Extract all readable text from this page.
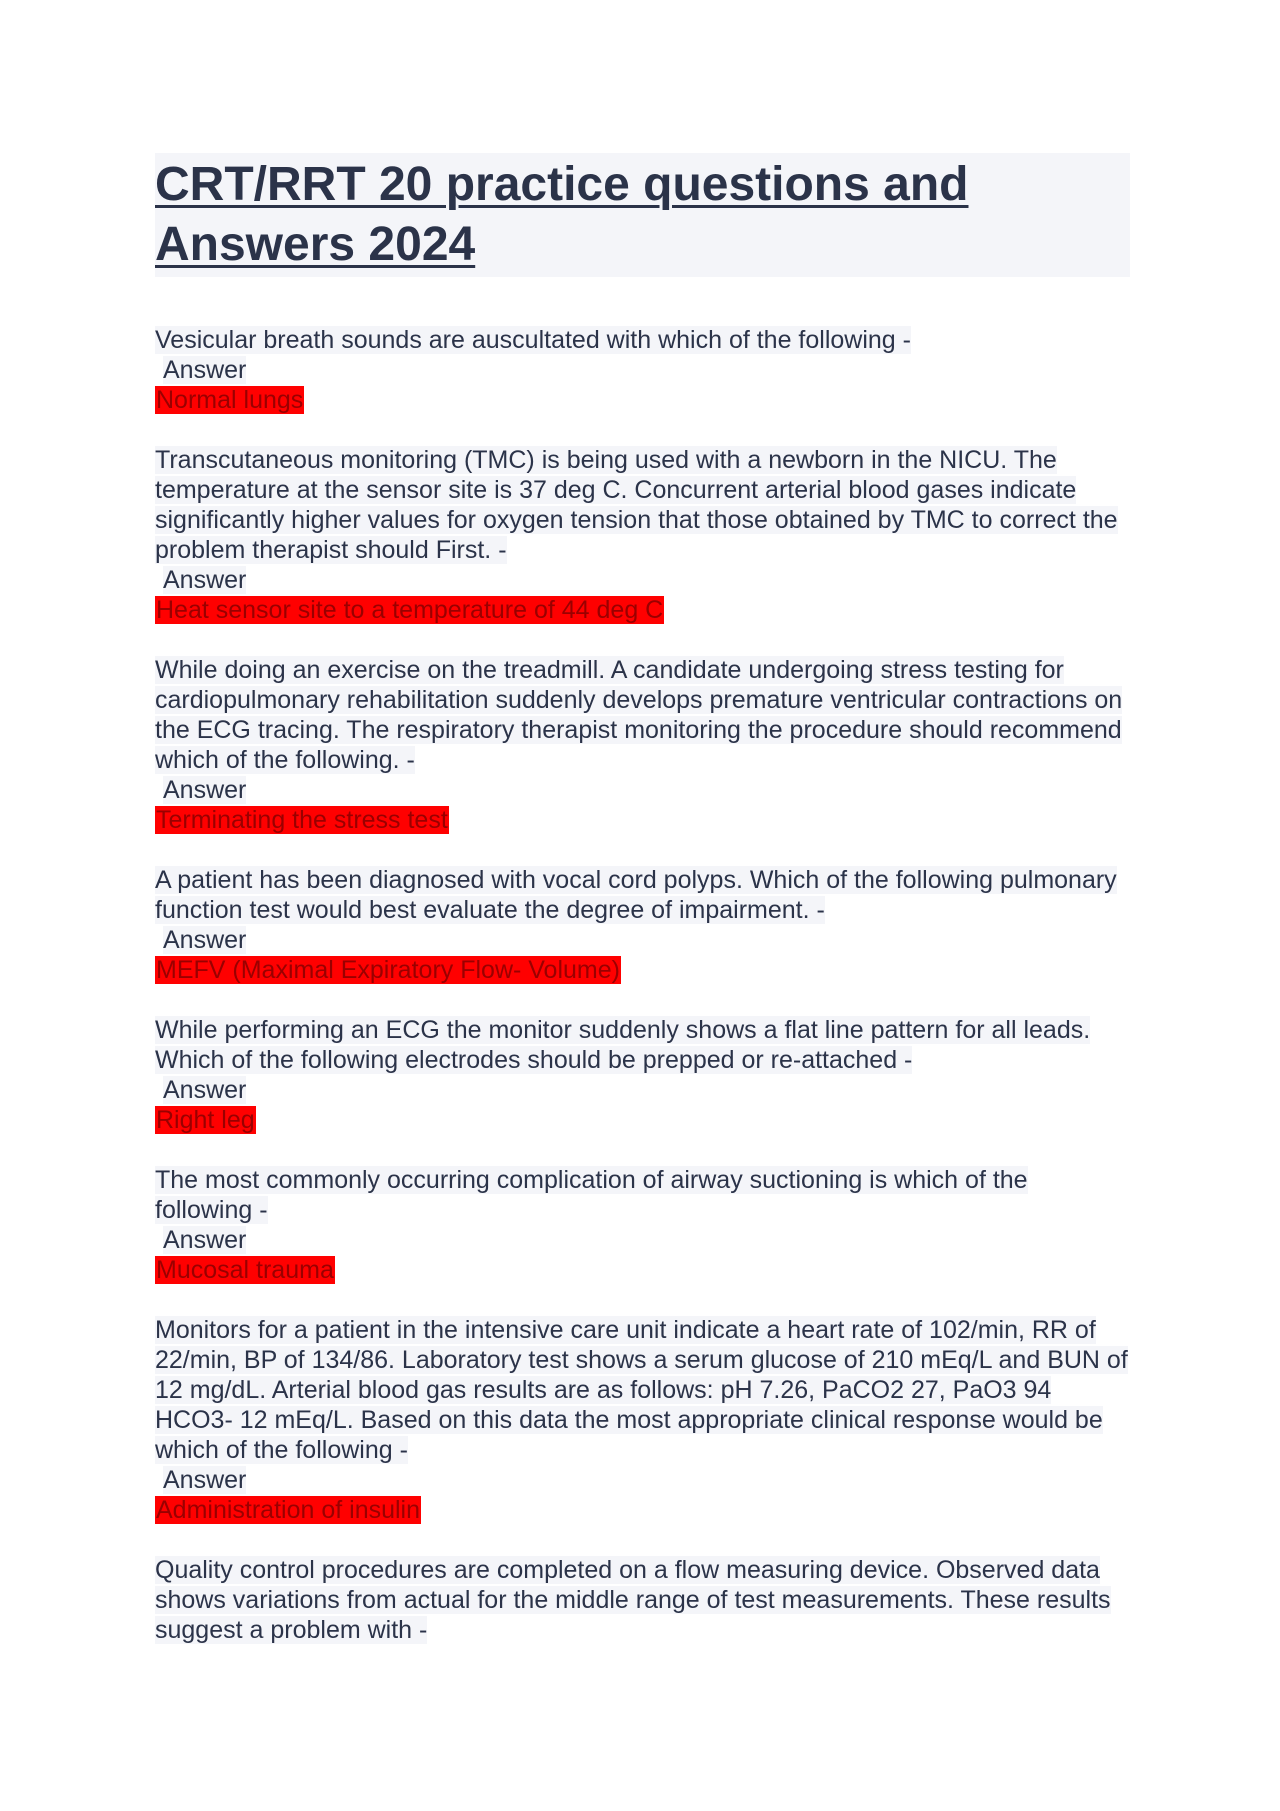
CRT/RRT 20 practice questions and Answers 2024

Vesicular breath sounds are auscultated with which of the following -

Answer

Normal lungs

Transcutaneous monitoring (TMC) is being used with a newborn in the NICU. The temperature at the sensor site is 37 deg C. Concurrent arterial blood gases indicate significantly higher values for oxygen tension that those obtained by TMC to correct the problem therapist should First. -

Answer

Heat sensor site to a temperature of 44 deg C

While doing an exercise on the treadmill. A candidate undergoing stress testing for cardiopulmonary rehabilitation suddenly develops premature ventricular contractions on the ECG tracing. The respiratory therapist monitoring the procedure should recommend which of the following. -

Answer

Terminating the stress test

A patient has been diagnosed with vocal cord polyps. Which of the following pulmonary function test would best evaluate the degree of impairment. -

Answer

MEFV (Maximal Expiratory Flow- Volume)

While performing an ECG the monitor suddenly shows a flat line pattern for all leads. Which of the following electrodes should be prepped or re-attached -

Answer

Right leg

The most commonly occurring complication of airway suctioning is which of the following -

Answer

Mucosal trauma

Monitors for a patient in the intensive care unit indicate a heart rate of 102/min, RR of 22/min, BP of 134/86. Laboratory test shows a serum glucose of 210 mEq/L and BUN of 12 mg/dL. Arterial blood gas results are as follows: pH 7.26, PaCO2 27, PaO3 94 HCO3- 12 mEq/L. Based on this data the most appropriate clinical response would be which of the following -

Answer

Administration of insulin

Quality control procedures are completed on a flow measuring device. Observed data shows variations from actual for the middle range of test measurements. These results suggest a problem with -
